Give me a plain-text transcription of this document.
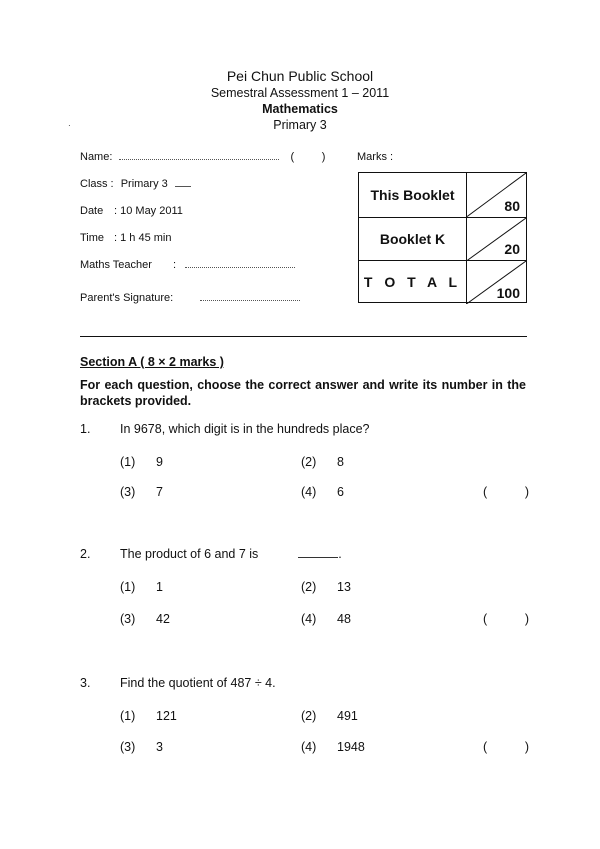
Pei Chun Public School
Semestral Assessment 1 – 2011
Mathematics
Primary 3
·
Name:	(         )	Marks :
Class : Primary 3
Date : 10 May 2011
Time : 1 h 45 min
Maths Teacher :
Parent's Signature:
This Booklet
80
Booklet K
20
T O T A L
100
Section A ( 8 × 2 marks )
For each question, choose the correct answer and write its number in the brackets provided.
1. In 9678, which digit is in the hundreds place?
(1) 9	(2) 8
(3) 7	(4) 6	(	)
2. The product of 6 and 7 is	.
(1) 1	(2) 13
(3) 42	(4) 48	(	)
3. Find the quotient of 487 ÷ 4.
(1) 121	(2) 491
(3) 3	(4) 1948	(	)
